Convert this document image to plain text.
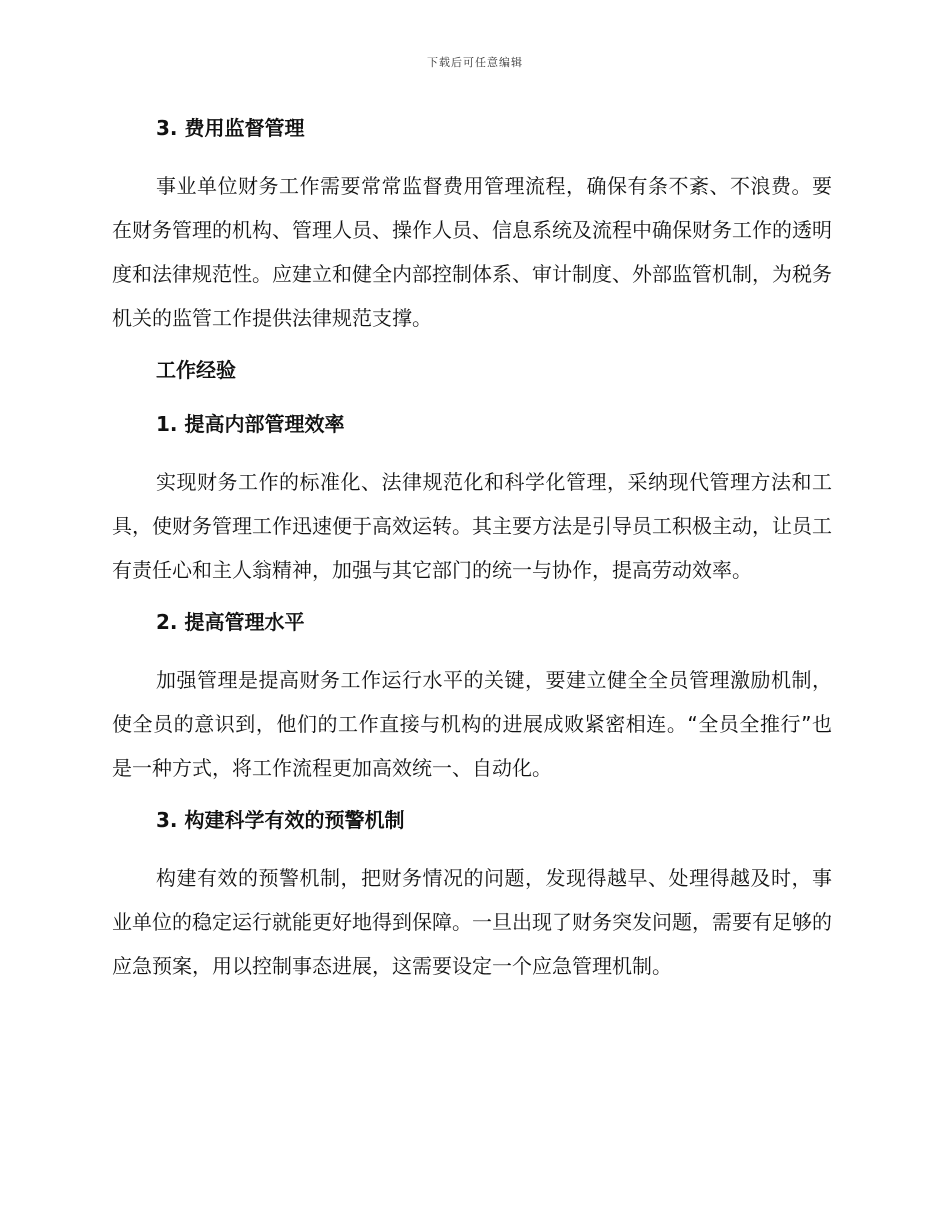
下载后可任意编辑
3. 费用监督管理

事业单位财务工作需要常常监督费用管理流程，确保有条不紊、不浪费。要在财务管理的机构、管理人员、操作人员、信息系统及流程中确保财务工作的透明度和法律规范性。应建立和健全内部控制体系、审计制度、外部监管机制，为税务机关的监管工作提供法律规范支撑。

工作经验
1. 提高内部管理效率

实现财务工作的标准化、法律规范化和科学化管理，采纳现代管理方法和工具，使财务管理工作迅速便于高效运转。其主要方法是引导员工积极主动，让员工有责任心和主人翁精神，加强与其它部门的统一与协作，提高劳动效率。

2. 提高管理水平

加强管理是提高财务工作运行水平的关键，要建立健全全员管理激励机制，使全员的意识到，他们的工作直接与机构的进展成败紧密相连。“全员全推行”也是一种方式，将工作流程更加高效统一、自动化。

3. 构建科学有效的预警机制

构建有效的预警机制，把财务情况的问题，发现得越早、处理得越及时，事业单位的稳定运行就能更好地得到保障。一旦出现了财务突发问题，需要有足够的应急预案，用以控制事态进展，这需要设定一个应急管理机制。
